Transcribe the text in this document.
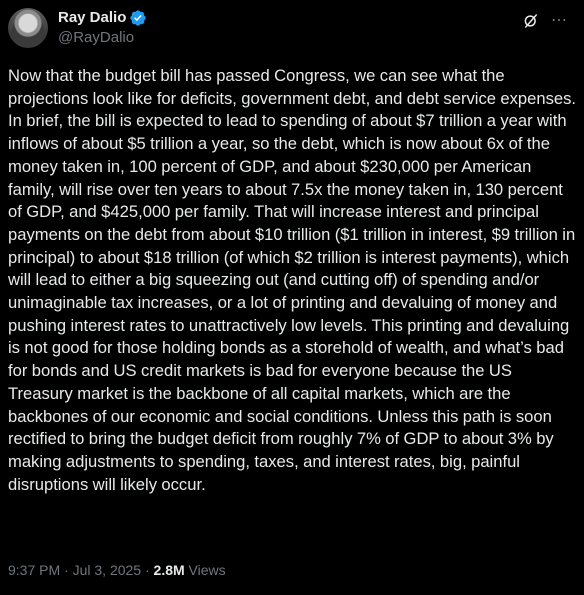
Ray Dalio
@RayDalio
⋯
Now that the budget bill has passed Congress, we can see what the projections look like for deficits, government debt, and debt service expenses. In brief, the bill is expected to lead to spending of about $7 trillion a year with inflows of about $5 trillion a year, so the debt, which is now about 6x of the money taken in, 100 percent of GDP, and about $230,000 per American family, will rise over ten years to about 7.5x the money taken in, 130 percent of GDP, and $425,000 per family. That will increase interest and principal payments on the debt from about $10 trillion ($1 trillion in interest, $9 trillion in principal) to about $18 trillion (of which $2 trillion is interest payments), which will lead to either a big squeezing out (and cutting off) of spending and/or unimaginable tax increases, or a lot of printing and devaluing of money and pushing interest rates to unattractively low levels. This printing and devaluing is not good for those holding bonds as a storehold of wealth, and what’s bad for bonds and US credit markets is bad for everyone because the US Treasury market is the backbone of all capital markets, which are the backbones of our economic and social conditions. Unless this path is soon rectified to bring the budget deficit from roughly 7% of GDP to about 3% by making adjustments to spending, taxes, and interest rates, big, painful disruptions will likely occur.
9:37 PM · Jul 3, 2025 · 2.8M Views
